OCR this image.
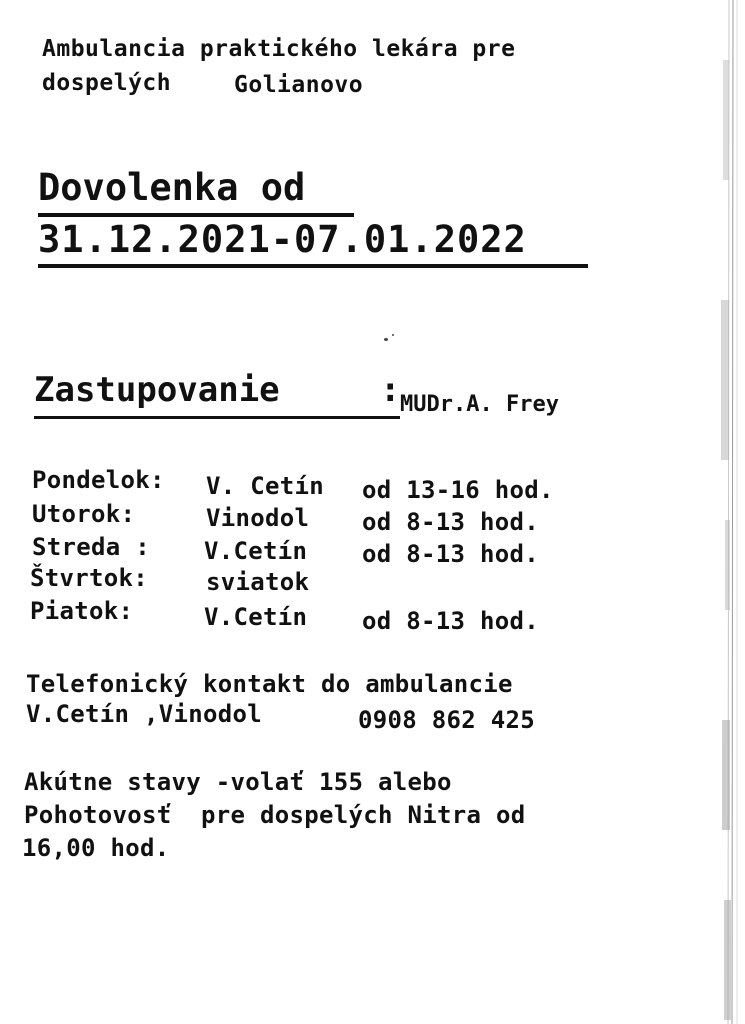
Ambulancia praktického lekára pre
dospelých	Golianovo
Dovolenka od
31.12.2021-07.01.2022
Zastupovanie	: MUDr.A. Frey
Pondelok: V. Cetín od 13-16 hod.
Utorok:	Vinodol od 8-13 hod.
Streda : V.Cetín od 8-13 hod.
Štvrtok: sviatok
Piatok:	V.Cetín od 8-13 hod.
Telefonický kontakt do ambulancie
V.Cetín ,Vinodol	0908 862 425
Akútne stavy -volať 155 alebo
Pohotovosť  pre dospelých Nitra od
16,00 hod.
